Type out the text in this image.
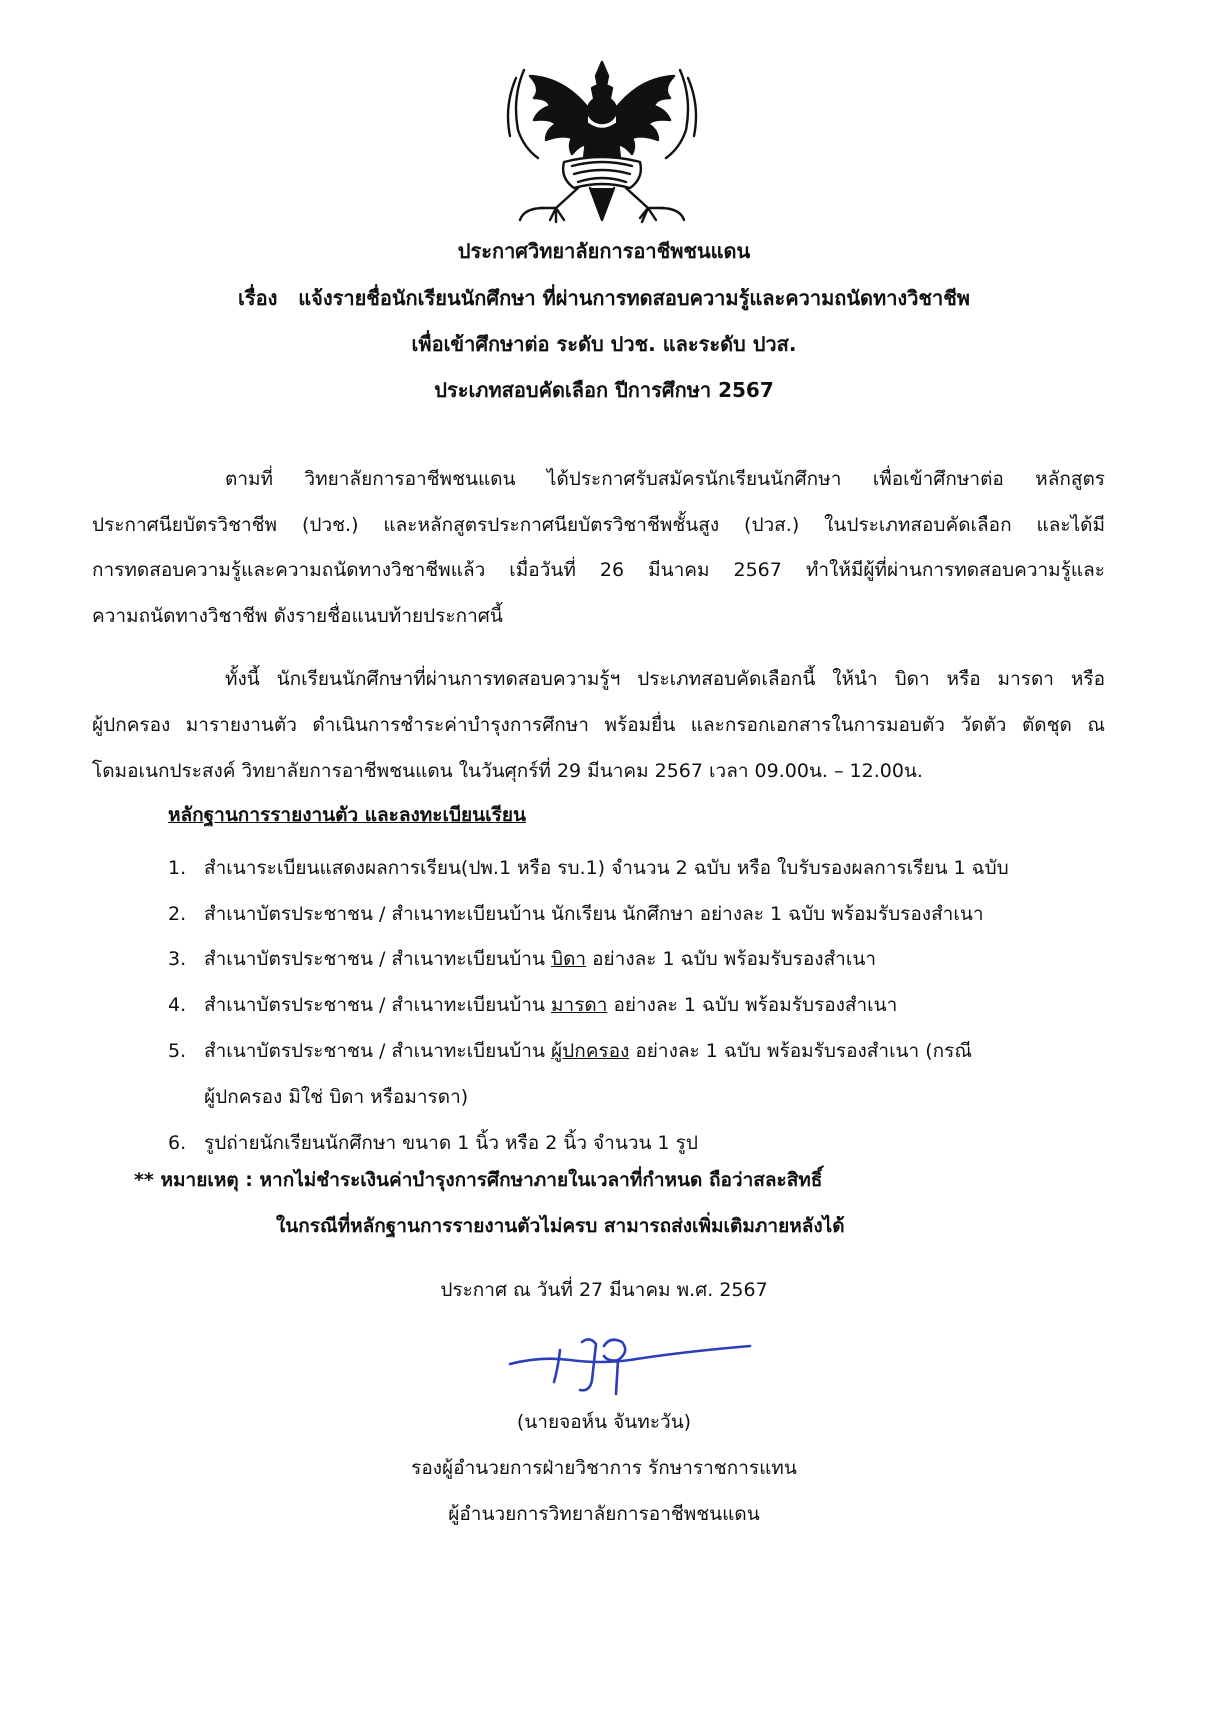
ประกาศวิทยาลัยการอาชีพชนแดน
เรื่อง แจ้งรายชื่อนักเรียนนักศึกษา ที่ผ่านการทดสอบความรู้และความถนัดทางวิชาชีพ
เพื่อเข้าศึกษาต่อ ระดับ ปวช. และระดับ ปวส.
ประเภทสอบคัดเลือก ปีการศึกษา 2567
ตามที่ วิทยาลัยการอาชีพชนแดน ได้ประกาศรับสมัครนักเรียนนักศึกษา เพื่อเข้าศึกษาต่อ หลักสูตร
ประกาศนียบัตรวิชาชีพ (ปวช.) และหลักสูตรประกาศนียบัตรวิชาชีพชั้นสูง (ปวส.) ในประเภทสอบคัดเลือก และได้มี
การทดสอบความรู้และความถนัดทางวิชาชีพแล้ว เมื่อวันที่ 26 มีนาคม 2567 ทำให้มีผู้ที่ผ่านการทดสอบความรู้และ
ความถนัดทางวิชาชีพ ดังรายชื่อแนบท้ายประกาศนี้
ทั้งนี้ นักเรียนนักศึกษาที่ผ่านการทดสอบความรู้ฯ ประเภทสอบคัดเลือกนี้ ให้นำ บิดา หรือ มารดา หรือ
ผู้ปกครอง มารายงานตัว ดำเนินการชำระค่าบำรุงการศึกษา พร้อมยื่น และกรอกเอกสารในการมอบตัว วัดตัว ตัดชุด ณ
โดมอเนกประสงค์ วิทยาลัยการอาชีพชนแดน ในวันศุกร์ที่ 29 มีนาคม 2567 เวลา 09.00น. – 12.00น.
หลักฐานการรายงานตัว และลงทะเบียนเรียน
1. สำเนาระเบียนแสดงผลการเรียน(ปพ.1 หรือ รบ.1) จำนวน 2 ฉบับ หรือ ใบรับรองผลการเรียน 1 ฉบับ
2. สำเนาบัตรประชาชน / สำเนาทะเบียนบ้าน นักเรียน นักศึกษา อย่างละ 1 ฉบับ พร้อมรับรองสำเนา
3. สำเนาบัตรประชาชน / สำเนาทะเบียนบ้าน บิดา อย่างละ 1 ฉบับ พร้อมรับรองสำเนา
4. สำเนาบัตรประชาชน / สำเนาทะเบียนบ้าน มารดา อย่างละ 1 ฉบับ พร้อมรับรองสำเนา
5. สำเนาบัตรประชาชน / สำเนาทะเบียนบ้าน ผู้ปกครอง อย่างละ 1 ฉบับ พร้อมรับรองสำเนา (กรณี
ผู้ปกครอง มิใช่ บิดา หรือมารดา)
6. รูปถ่ายนักเรียนนักศึกษา ขนาด 1 นิ้ว หรือ 2 นิ้ว จำนวน 1 รูป
** หมายเหตุ : หากไม่ชำระเงินค่าบำรุงการศึกษาภายในเวลาที่กำหนด ถือว่าสละสิทธิ์
ในกรณีที่หลักฐานการรายงานตัวไม่ครบ สามารถส่งเพิ่มเติมภายหลังได้
ประกาศ ณ วันที่ 27 มีนาคม พ.ศ. 2567
(นายจอห์น จันทะวัน)
รองผู้อำนวยการฝ่ายวิชาการ รักษาราชการแทน
ผู้อำนวยการวิทยาลัยการอาชีพชนแดน
